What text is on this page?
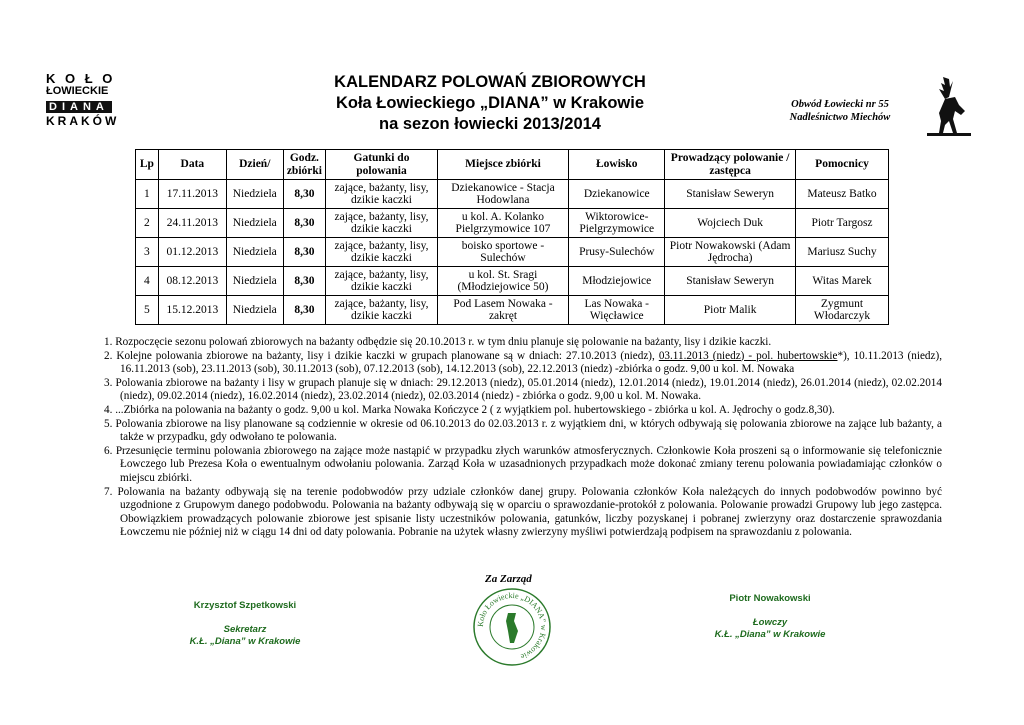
K O Ł O
ŁOWIECKIE
DIANA
KRAKÓW
KALENDARZ POLOWAŃ ZBIOROWYCH
Koła Łowieckiego „DIANA” w Krakowie
na sezon łowiecki 2013/2014
Obwód Łowiecki nr 55
Nadleśnictwo Miechów
Lp	Data	Dzień/	Godz. zbiórki	Gatunki do polowania	Miejsce zbiórki	Łowisko	Prowadzący polowanie / zastępca	Pomocnicy
1	17.11.2013	Niedziela	8,30	zające, bażanty, lisy, dzikie kaczki	Dziekanowice - Stacja Hodowlana	Dziekanowice	Stanisław Seweryn	Mateusz Batko
2	24.11.2013	Niedziela	8,30	zające, bażanty, lisy, dzikie kaczki	u kol. A. Kolanko Pielgrzymowice 107	Wiktorowice- Pielgrzymowice	Wojciech Duk	Piotr Targosz
3	01.12.2013	Niedziela	8,30	zające, bażanty, lisy, dzikie kaczki	boisko sportowe - Sulechów	Prusy-Sulechów	Piotr Nowakowski (Adam Jędrocha)	Mariusz Suchy
4	08.12.2013	Niedziela	8,30	zające, bażanty, lisy, dzikie kaczki	u kol. St. Sragi (Młodziejowice 50)	Młodziejowice	Stanisław Seweryn	Witas Marek
5	15.12.2013	Niedziela	8,30	zające, bażanty, lisy, dzikie kaczki	Pod Lasem Nowaka - zakręt	Las Nowaka -Więcławice	Piotr Malik	Zygmunt Włodarczyk
1. Rozpoczęcie sezonu polowań zbiorowych na bażanty odbędzie się 20.10.2013 r. w tym dniu planuje się polowanie na bażanty, lisy i dzikie kaczki.
2. Kolejne polowania zbiorowe na bażanty, lisy i dzikie kaczki w grupach planowane są w dniach: 27.10.2013 (niedz), 03.11.2013 (niedz) - pol. hubertowskie*), 10.11.2013 (niedz), 16.11.2013 (sob), 23.11.2013 (sob), 30.11.2013 (sob), 07.12.2013 (sob), 14.12.2013 (sob), 22.12.2013 (niedz) -zbiórka o godz. 9,00 u kol. M. Nowaka
3. Polowania zbiorowe na bażanty i lisy w grupach planuje się w dniach: 29.12.2013 (niedz), 05.01.2014 (niedz), 12.01.2014 (niedz), 19.01.2014 (niedz), 26.01.2014 (niedz), 02.02.2014 (niedz), 09.02.2014 (niedz), 16.02.2014 (niedz), 23.02.2014 (niedz), 02.03.2014 (niedz) - zbiórka o godz. 9,00 u kol. M. Nowaka.
4. ...Zbiórka na polowania na bażanty o godz. 9,00 u kol. Marka Nowaka Kończyce 2 ( z wyjątkiem pol. hubertowskiego - zbiórka u kol. A. Jędrochy o godz.8,30).
5. Polowania zbiorowe na lisy planowane są codziennie w okresie od 06.10.2013 do 02.03.2013 r. z wyjątkiem dni, w których odbywają się polowania zbiorowe na zające lub bażanty, a także w przypadku, gdy odwołano te polowania.
6. Przesunięcie terminu polowania zbiorowego na zające może nastąpić w przypadku złych warunków atmosferycznych. Członkowie Koła proszeni są o informowanie się telefonicznie Łowczego lub Prezesa Koła o ewentualnym odwołaniu polowania. Zarząd Koła w uzasadnionych przypadkach może dokonać zmiany terenu polowania powiadamiając członków o miejscu zbiórki.
7. Polowania na bażanty odbywają się na terenie podobwodów przy udziale członków danej grupy. Polowania członków Koła należących do innych podobwodów powinno być uzgodnione z Grupowym danego podobwodu. Polowania na bażanty odbywają się w oparciu o sprawozdanie-protokół z polowania. Polowanie prowadzi Grupowy lub jego zastępca. Obowiązkiem prowadzących polowanie zbiorowe jest spisanie listy uczestników polowania, gatunków, liczby pozyskanej i pobranej zwierzyny oraz dostarczenie sprawozdania Łowczemu nie później niż w ciągu 14 dni od daty polowania. Pobranie na użytek własny zwierzyny myśliwi potwierdzają podpisem na sprawozdaniu z polowania.
Za Zarząd
Koło Łowieckie „DIANA” w Krakowie
Krzysztof Szpetkowski
Sekretarz
K.Ł. „Diana” w Krakowie
Piotr Nowakowski
Łowczy
K.Ł. „Diana” w Krakowie
